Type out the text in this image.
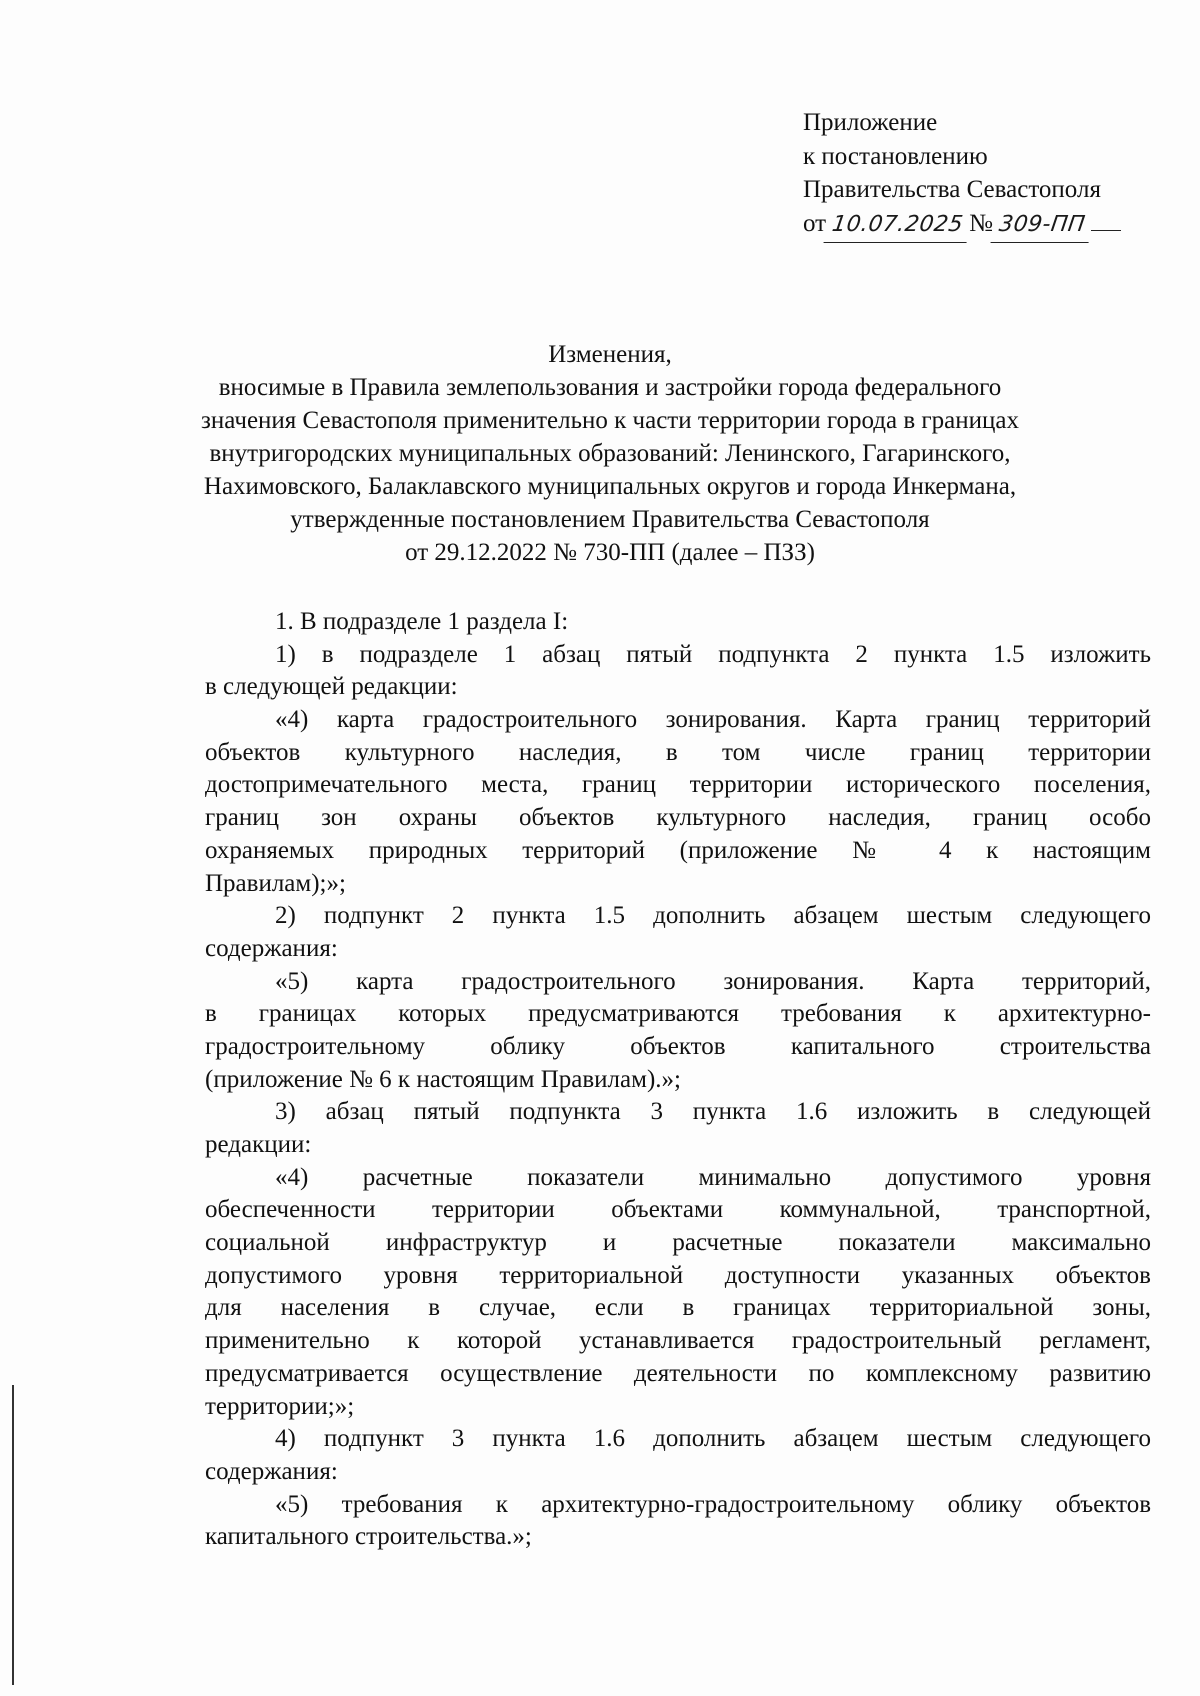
Приложение
к постановлению
Правительства Севастополя
от 10.07.2025 № 309-ПП
Изменения,
вносимые в Правила землепользования и застройки города федерального
значения Севастополя применительно к части территории города в границах
внутригородских муниципальных образований: Ленинского, Гагаринского,
Нахимовского, Балаклавского муниципальных округов и города Инкермана,
утвержденные постановлением Правительства Севастополя
от 29.12.2022 № 730-ПП (далее – ПЗЗ)
1. В подразделе 1 раздела I:
1) в подразделе 1 абзац пятый подпункта 2 пункта 1.5 изложить
в следующей редакции:
«4) карта градостроительного зонирования. Карта границ территорий
объектов культурного наследия, в том числе границ территории
достопримечательного места, границ территории исторического поселения,
границ зон охраны объектов культурного наследия, границ особо
охраняемых природных территорий (приложение № 4 к настоящим
Правилам);»;
2) подпункт 2 пункта 1.5 дополнить абзацем шестым следующего
содержания:
«5) карта градостроительного зонирования. Карта территорий,
в границах которых предусматриваются требования к архитектурно-
градостроительному облику объектов капитального строительства
(приложение № 6 к настоящим Правилам).»;
3) абзац пятый подпункта 3 пункта 1.6 изложить в следующей
редакции:
«4) расчетные показатели минимально допустимого уровня
обеспеченности территории объектами коммунальной, транспортной,
социальной инфраструктур и расчетные показатели максимально
допустимого уровня территориальной доступности указанных объектов
для населения в случае, если в границах территориальной зоны,
применительно к которой устанавливается градостроительный регламент,
предусматривается осуществление деятельности по комплексному развитию
территории;»;
4) подпункт 3 пункта 1.6 дополнить абзацем шестым следующего
содержания:
«5) требования к архитектурно-градостроительному облику объектов
капитального строительства.»;
